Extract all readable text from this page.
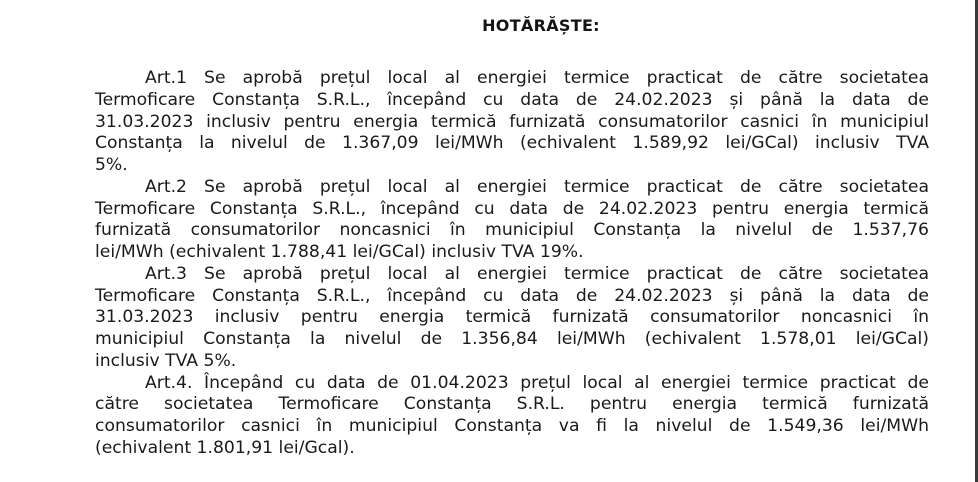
HOTĂRĂȘTE:
Art.1 Se aprobă prețul local al energiei termice practicat de către societatea
Termoficare Constanța S.R.L., începând cu data de 24.02.2023 și până la data de
31.03.2023 inclusiv pentru energia termică furnizată consumatorilor casnici în municipiul
Constanța la nivelul de 1.367,09 lei/MWh (echivalent 1.589,92 lei/GCal) inclusiv TVA
5%.
Art.2 Se aprobă prețul local al energiei termice practicat de către societatea
Termoficare Constanța S.R.L., începând cu data de 24.02.2023 pentru energia termică
furnizată consumatorilor noncasnici în municipiul Constanța la nivelul de 1.537,76
lei/MWh (echivalent 1.788,41 lei/GCal) inclusiv TVA 19%.
Art.3 Se aprobă prețul local al energiei termice practicat de către societatea
Termoficare Constanța S.R.L., începând cu data de 24.02.2023 și până la data de
31.03.2023 inclusiv pentru energia termică furnizată consumatorilor noncasnici în
municipiul Constanța la nivelul de 1.356,84 lei/MWh (echivalent 1.578,01 lei/GCal)
inclusiv TVA 5%.
Art.4. Începând cu data de 01.04.2023 prețul local al energiei termice practicat de
către societatea Termoficare Constanța S.R.L. pentru energia termică furnizată
consumatorilor casnici în municipiul Constanța va fi la nivelul de 1.549,36 lei/MWh
(echivalent 1.801,91 lei/Gcal).
